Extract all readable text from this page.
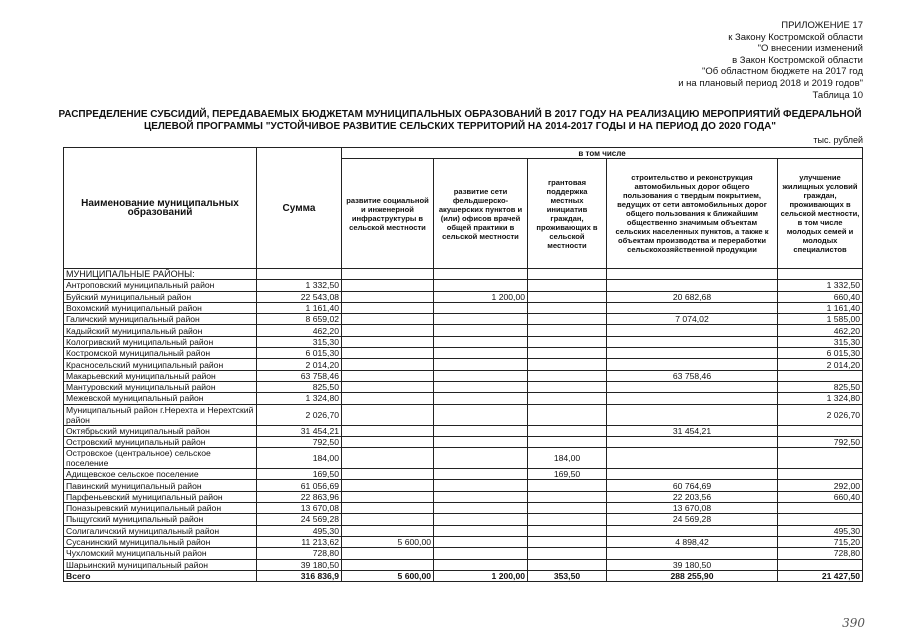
ПРИЛОЖЕНИЕ 17
к Закону Костромской области
"О внесении изменений
в Закон Костромской области
"Об областном бюджете на 2017 год
и на плановый период 2018 и 2019 годов"
Таблица 10
РАСПРЕДЕЛЕНИЕ СУБСИДИЙ, ПЕРЕДАВАЕМЫХ БЮДЖЕТАМ МУНИЦИПАЛЬНЫХ ОБРАЗОВАНИЙ В 2017 ГОДУ НА РЕАЛИЗАЦИЮ МЕРОПРИЯТИЙ ФЕДЕРАЛЬНОЙ
ЦЕЛЕВОЙ ПРОГРАММЫ "УСТОЙЧИВОЕ РАЗВИТИЕ СЕЛЬСКИХ ТЕРРИТОРИЙ НА 2014-2017 ГОДЫ И НА ПЕРИОД ДО 2020 ГОДА"
тыс. рублей
Наименование муниципальных образований	Сумма	в том числе				
		развитие социальной и инженерной инфраструктуры в сельской местности	развитие сети фельдшерско-акушерских пунктов и (или) офисов врачей общей практики в сельской местности	грантовая поддержка местных инициатив граждан, проживающих в сельской местности	строительство и реконструкция автомобильных дорог общего пользования с твердым покрытием, ведущих от сети автомобильных дорог общего пользования к ближайшим общественно значимым объектам сельских населенных пунктов, а также к объектам производства и переработки сельскохозяйственной продукции	улучшение жилищных условий граждан, проживающих в сельской местности, в том числе молодых семей и молодых специалистов
МУНИЦИПАЛЬНЫЕ РАЙОНЫ:						
Антроповский муниципальный район	1 332,50					1 332,50
Буйский муниципальный район	22 543,08		1 200,00		20 682,68	660,40
Вохомский муниципальный район	1 161,40					1 161,40
Галичский муниципальный район	8 659,02				7 074,02	1 585,00
Кадыйский муниципальный район	462,20					462,20
Кологривский муниципальный район	315,30					315,30
Костромской муниципальный район	6 015,30					6 015,30
Красносельский муниципальный район	2 014,20					2 014,20
Макарьевский муниципальный район	63 758,46				63 758,46	
Мантуровский муниципальный район	825,50					825,50
Межевской муниципальный район	1 324,80					1 324,80
Муниципальный район г.Нерехта и Нерехтский район	2 026,70					2 026,70
Октябрьский муниципальный район	31 454,21				31 454,21	
Островский муниципальный район	792,50					792,50
Островское (центральное) сельское поселение	184,00			184,00		
Адищевское сельское поселение	169,50			169,50		
Павинский муниципальный район	61 056,69				60 764,69	292,00
Парфеньевский муниципальный район	22 863,96				22 203,56	660,40
Поназыревский муниципальный район	13 670,08				13 670,08	
Пыщугский муниципальный район	24 569,28				24 569,28	
Солигаличский муниципальный район	495,30					495,30
Сусанинский муниципальный район	11 213,62	5 600,00			4 898,42	715,20
Чухломский муниципальный район	728,80					728,80
Шарьинский муниципальный район	39 180,50				39 180,50	
Всего	316 836,9	5 600,00	1 200,00	353,50	288 255,90	21 427,50
390
